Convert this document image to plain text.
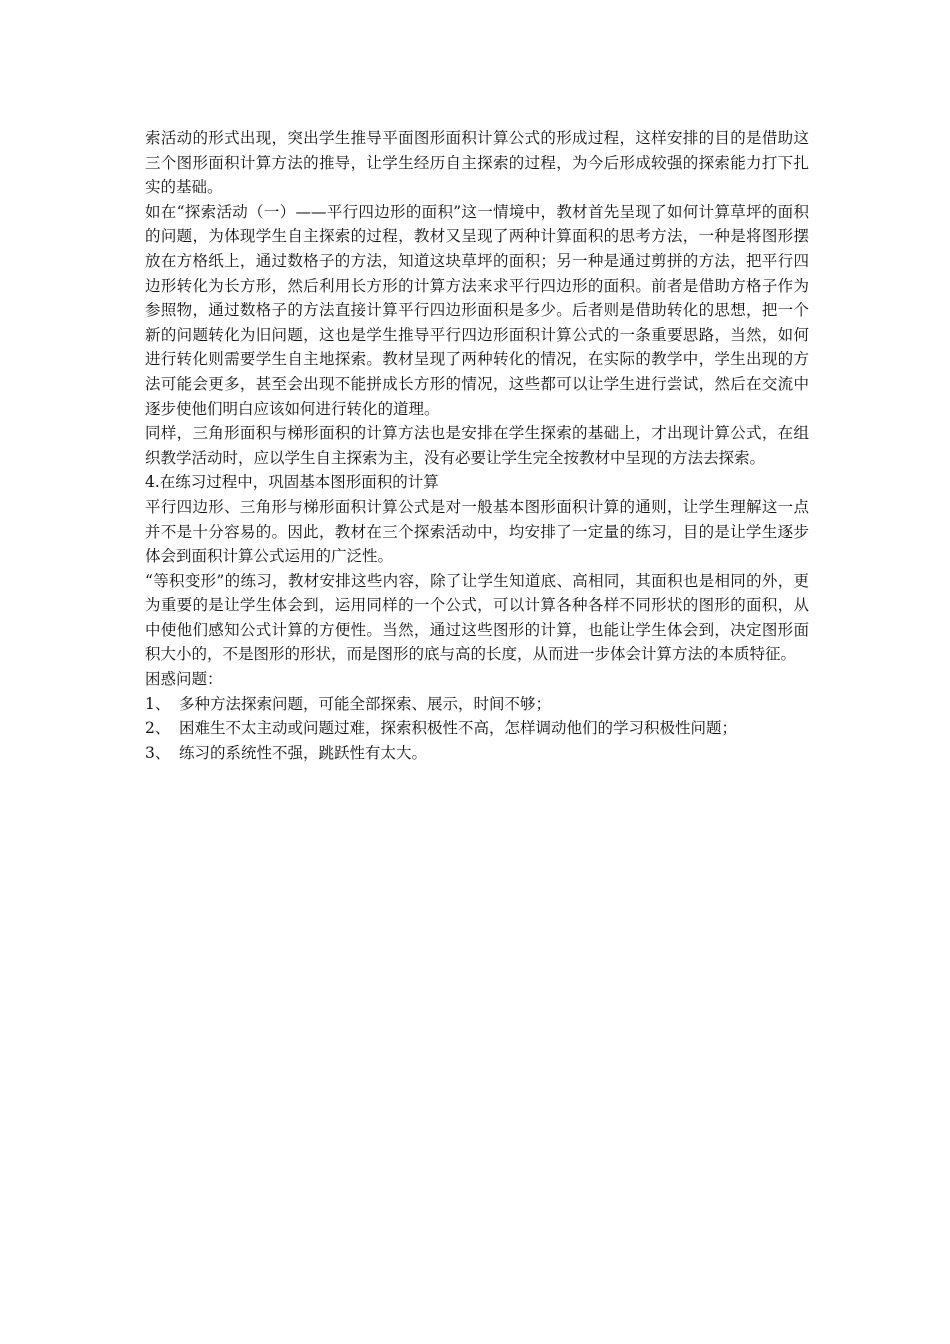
索活动的形式出现，突出学生推导平面图形面积计算公式的形成过程，这样安排的目的是借助这三个图形面积计算方法的推导，让学生经历自主探索的过程，为今后形成较强的探索能力打下扎实的基础。

如在“探索活动（一）——平行四边形的面积”这一情境中，教材首先呈现了如何计算草坪的面积的问题，为体现学生自主探索的过程，教材又呈现了两种计算面积的思考方法，一种是将图形摆放在方格纸上，通过数格子的方法，知道这块草坪的面积；另一种是通过剪拼的方法，把平行四边形转化为长方形，然后利用长方形的计算方法来求平行四边形的面积。前者是借助方格子作为参照物，通过数格子的方法直接计算平行四边形面积是多少。后者则是借助转化的思想，把一个新的问题转化为旧问题，这也是学生推导平行四边形面积计算公式的一条重要思路，当然，如何进行转化则需要学生自主地探索。教材呈现了两种转化的情况，在实际的教学中，学生出现的方法可能会更多，甚至会出现不能拼成长方形的情况，这些都可以让学生进行尝试，然后在交流中逐步使他们明白应该如何进行转化的道理。

同样，三角形面积与梯形面积的计算方法也是安排在学生探索的基础上，才出现计算公式，在组织教学活动时，应以学生自主探索为主，没有必要让学生完全按教材中呈现的方法去探索。

4.在练习过程中，巩固基本图形面积的计算

平行四边形、三角形与梯形面积计算公式是对一般基本图形面积计算的通则，让学生理解这一点并不是十分容易的。因此，教材在三个探索活动中，均安排了一定量的练习，目的是让学生逐步体会到面积计算公式运用的广泛性。

“等积变形”的练习，教材安排这些内容，除了让学生知道底、高相同，其面积也是相同的外，更为重要的是让学生体会到，运用同样的一个公式，可以计算各种各样不同形状的图形的面积，从中使他们感知公式计算的方便性。当然，通过这些图形的计算，也能让学生体会到，决定图形面积大小的，不是图形的形状，而是图形的底与高的长度，从而进一步体会计算方法的本质特征。

困惑问题：

1、 多种方法探索问题，可能全部探索、展示，时间不够；
2、 困难生不太主动或问题过难，探索积极性不高，怎样调动他们的学习积极性问题；
3、 练习的系统性不强，跳跃性有太大。
